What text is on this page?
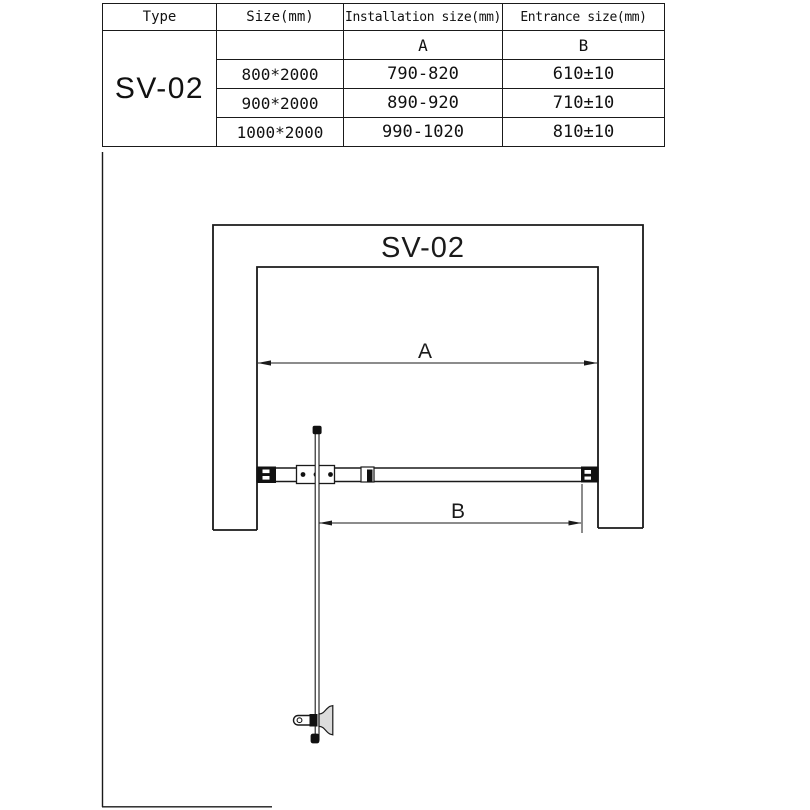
Type	Size(mm)	Installation size(mm)	Entrance size(mm)
SV-02		A	B
	800*2000	790-820	610±10
	900*2000	890-920	710±10
	1000*2000	990-1020	810±10
SV-02
A
B
